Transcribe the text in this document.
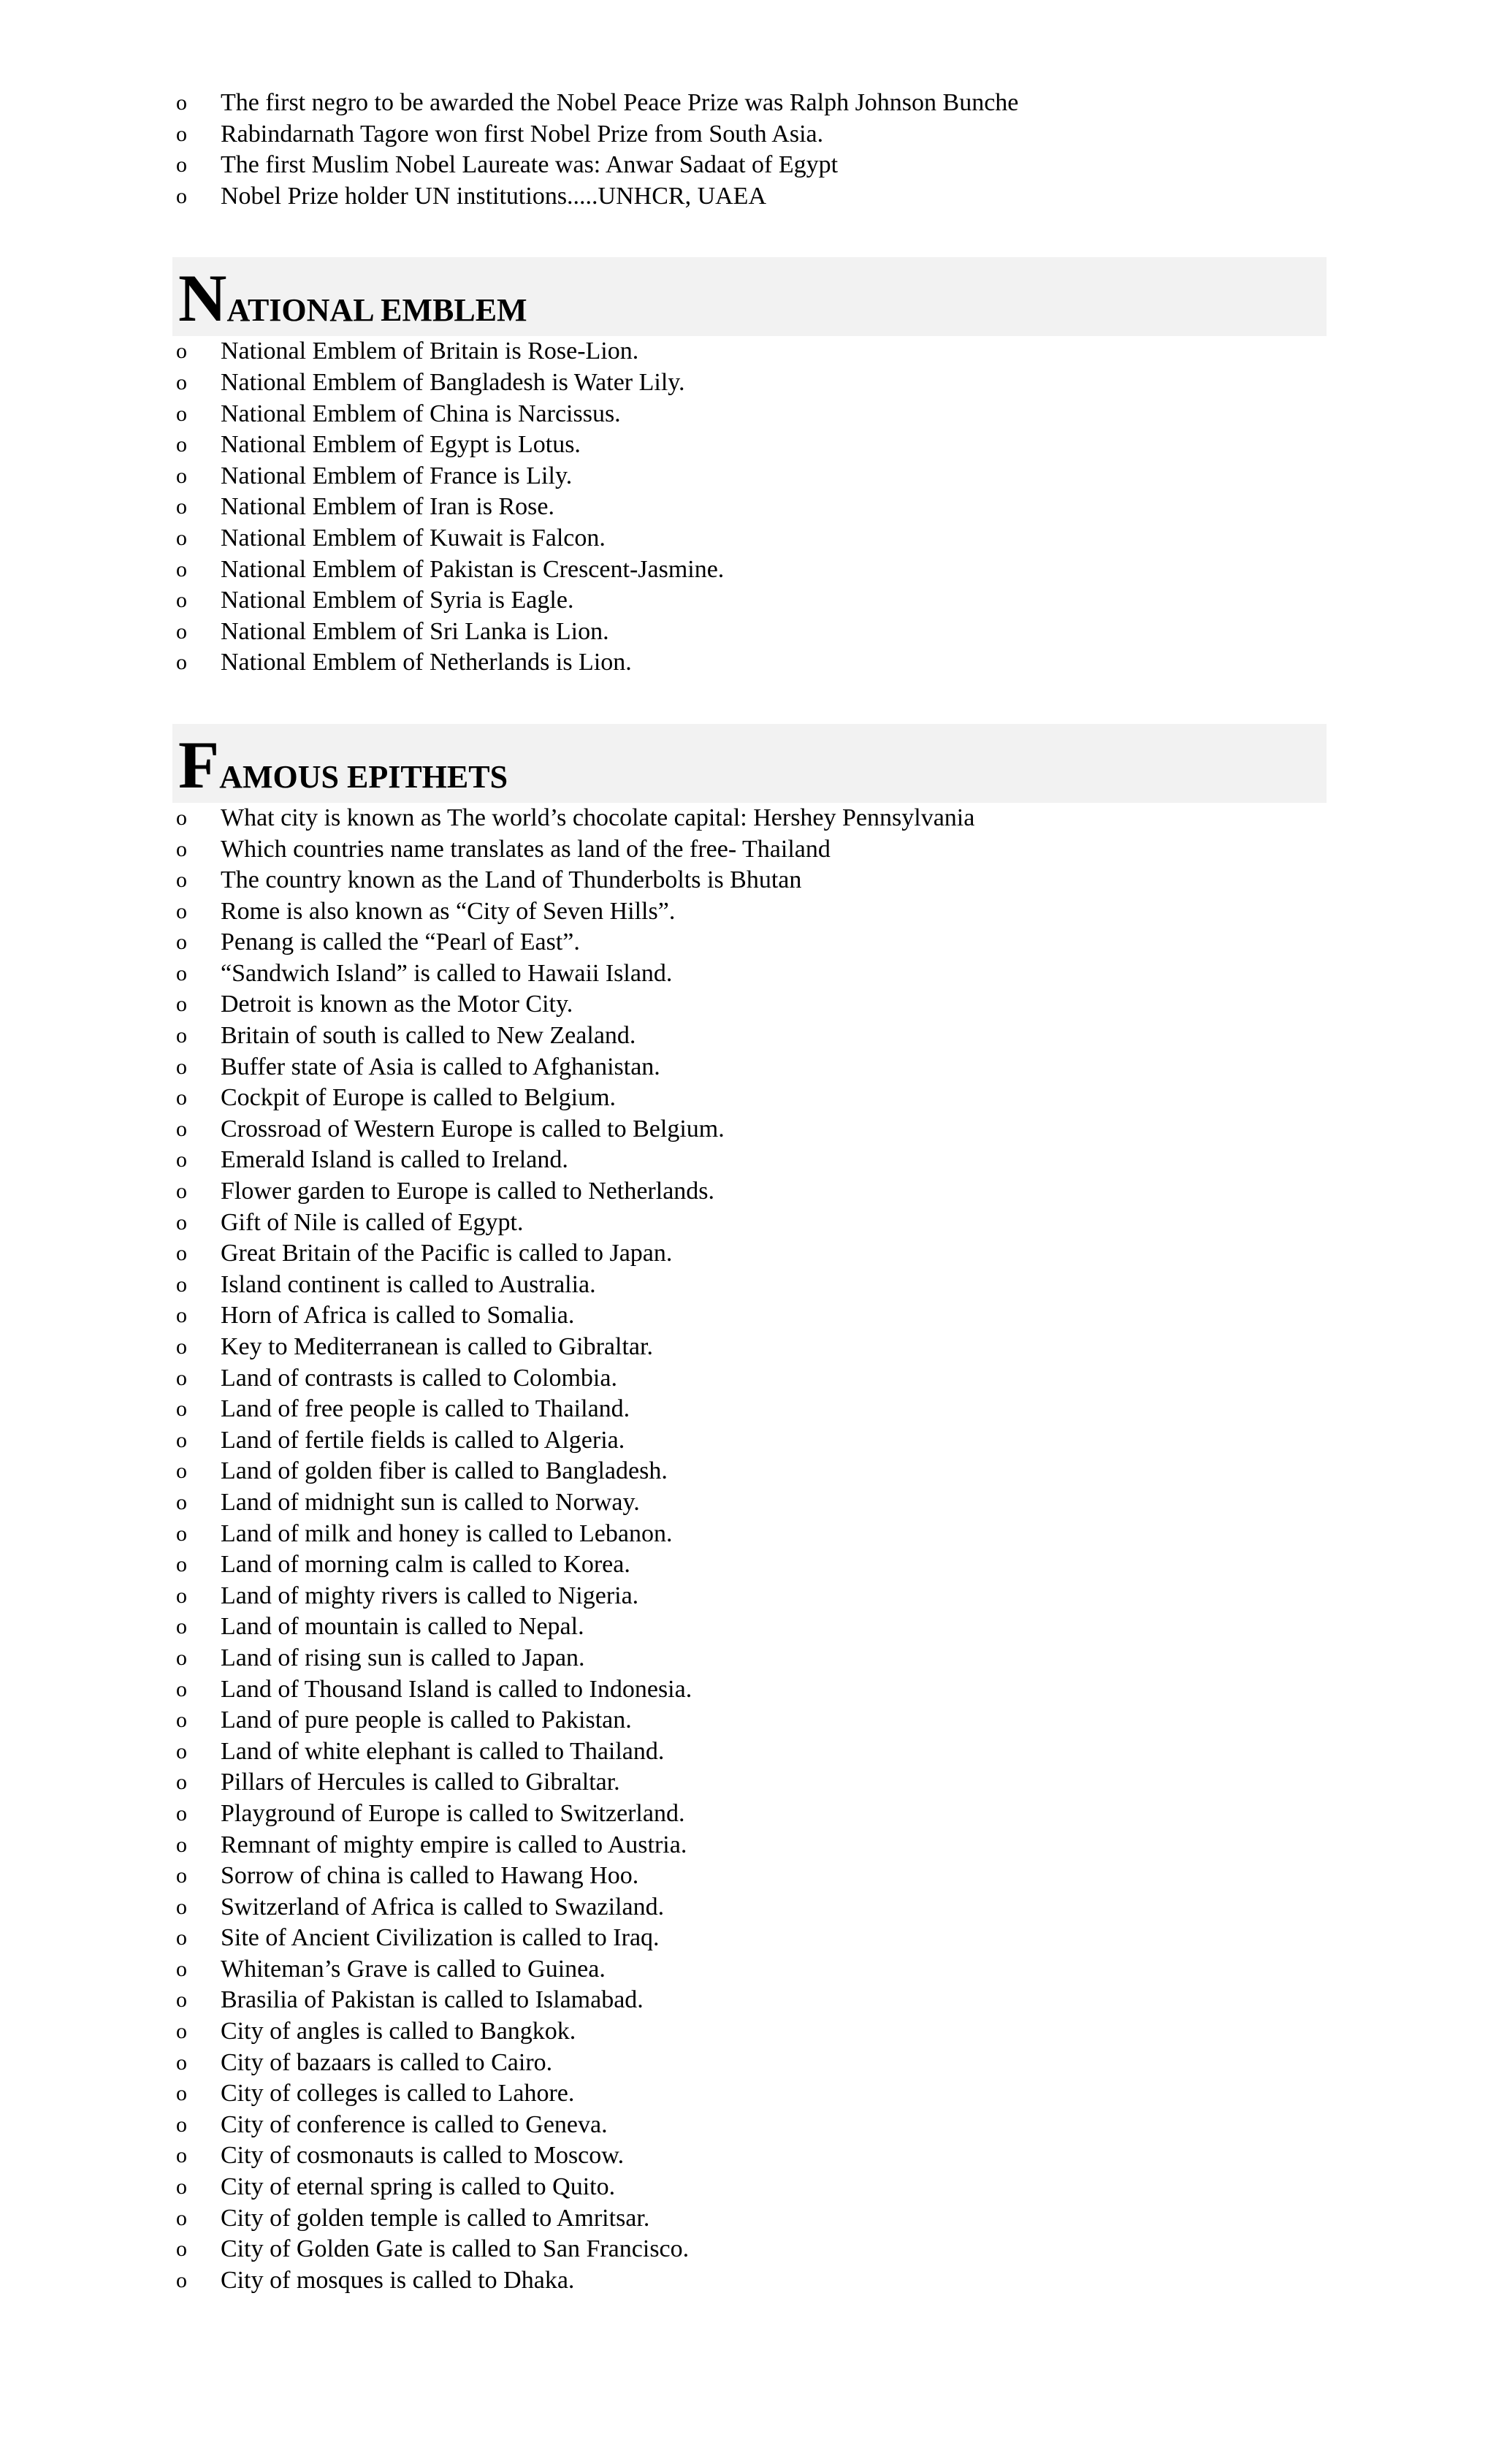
o The first negro to be awarded the Nobel Peace Prize was Ralph Johnson Bunche
o Rabindarnath Tagore won first Nobel Prize from South Asia.
o The first Muslim Nobel Laureate was: Anwar Sadaat of Egypt
o Nobel Prize holder UN institutions.....UNHCR, UAEA
NATIONAL EMBLEM
o National Emblem of Britain is Rose-Lion.
o National Emblem of Bangladesh is Water Lily.
o National Emblem of China is Narcissus.
o National Emblem of Egypt is Lotus.
o National Emblem of France is Lily.
o National Emblem of Iran is Rose.
o National Emblem of Kuwait is Falcon.
o National Emblem of Pakistan is Crescent-Jasmine.
o National Emblem of Syria is Eagle.
o National Emblem of Sri Lanka is Lion.
o National Emblem of Netherlands is Lion.
FAMOUS EPITHETS
o What city is known as The world’s chocolate capital: Hershey Pennsylvania
o Which countries name translates as land of the free- Thailand
o The country known as the Land of Thunderbolts is Bhutan
o Rome is also known as “City of Seven Hills”.
o Penang is called the “Pearl of East”.
o “Sandwich Island” is called to Hawaii Island.
o Detroit is known as the Motor City.
o Britain of south is called to New Zealand.
o Buffer state of Asia is called to Afghanistan.
o Cockpit of Europe is called to Belgium.
o Crossroad of Western Europe is called to Belgium.
o Emerald Island is called to Ireland.
o Flower garden to Europe is called to Netherlands.
o Gift of Nile is called of Egypt.
o Great Britain of the Pacific is called to Japan.
o Island continent is called to Australia.
o Horn of Africa is called to Somalia.
o Key to Mediterranean is called to Gibraltar.
o Land of contrasts is called to Colombia.
o Land of free people is called to Thailand.
o Land of fertile fields is called to Algeria.
o Land of golden fiber is called to Bangladesh.
o Land of midnight sun is called to Norway.
o Land of milk and honey is called to Lebanon.
o Land of morning calm is called to Korea.
o Land of mighty rivers is called to Nigeria.
o Land of mountain is called to Nepal.
o Land of rising sun is called to Japan.
o Land of Thousand Island is called to Indonesia.
o Land of pure people is called to Pakistan.
o Land of white elephant is called to Thailand.
o Pillars of Hercules is called to Gibraltar.
o Playground of Europe is called to Switzerland.
o Remnant of mighty empire is called to Austria.
o Sorrow of china is called to Hawang Hoo.
o Switzerland of Africa is called to Swaziland.
o Site of Ancient Civilization is called to Iraq.
o Whiteman’s Grave is called to Guinea.
o Brasilia of Pakistan is called to Islamabad.
o City of angles is called to Bangkok.
o City of bazaars is called to Cairo.
o City of colleges is called to Lahore.
o City of conference is called to Geneva.
o City of cosmonauts is called to Moscow.
o City of eternal spring is called to Quito.
o City of golden temple is called to Amritsar.
o City of Golden Gate is called to San Francisco.
o City of mosques is called to Dhaka.
